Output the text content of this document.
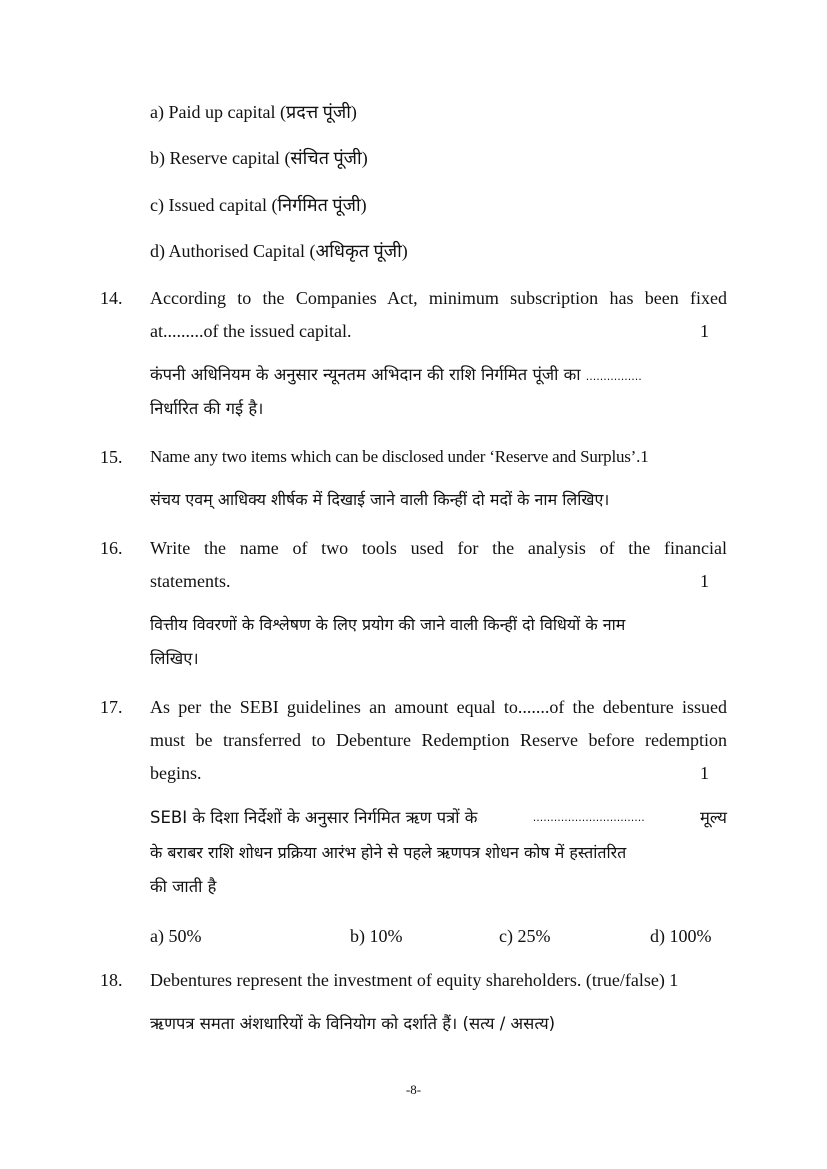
a) Paid up capital (प्रदत्त पूंजी)
b) Reserve capital (संचित पूंजी)
c) Issued capital (निर्गमित पूंजी)
d) Authorised Capital (अधिकृत पूंजी)
14. According to the Companies Act, minimum subscription has been fixed
at.........of the issued capital.	1
कंपनी अधिनियम के अनुसार न्यूनतम अभिदान की राशि निर्गमित पूंजी का ................
निर्धारित की गई है।
15. Name any two items which can be disclosed under ‘Reserve and Surplus’.1
संचय एवम् आधिक्य शीर्षक में दिखाई जाने वाली किन्हीं दो मदों के नाम लिखिए।
16. Write the name of two tools used for the analysis of the financial
statements.	1
वित्तीय विवरणों के विश्लेषण के लिए प्रयोग की जाने वाली किन्हीं दो विधियों के नाम
लिखिए।
17. As per the SEBI guidelines an amount equal to.......of the debenture issued
must be transferred to Debenture Redemption Reserve before redemption
begins.	1
SEBI के दिशा निर्देशों के अनुसार निर्गमित ऋण पत्रों के	................................	मूल्य
के बराबर राशि शोधन प्रक्रिया आरंभ होने से पहले ऋणपत्र शोधन कोष में हस्तांतरित
की जाती है
a) 50%	b) 10%	c) 25%	d) 100%
18. Debentures represent the investment of equity shareholders. (true/false) 1
ऋणपत्र समता अंशधारियों के विनियोग को दर्शाते हैं। (सत्य / असत्य)
-8-
